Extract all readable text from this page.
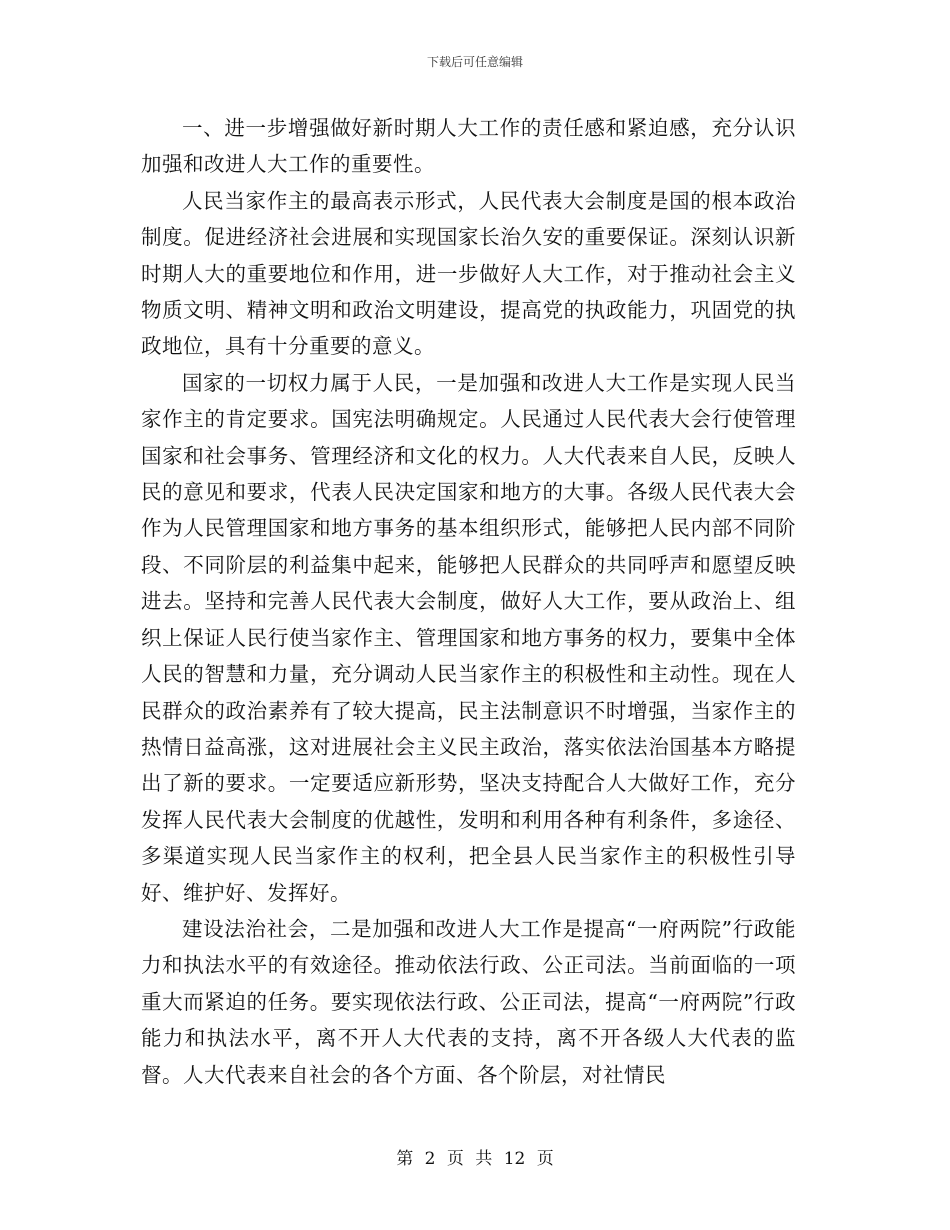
下载后可任意编辑

一、进一步增强做好新时期人大工作的责任感和紧迫感，充分认识加强和改进人大工作的重要性。

人民当家作主的最高表示形式，人民代表大会制度是国的根本政治制度。促进经济社会进展和实现国家长治久安的重要保证。深刻认识新时期人大的重要地位和作用，进一步做好人大工作，对于推动社会主义物质文明、精神文明和政治文明建设，提高党的执政能力，巩固党的执政地位，具有十分重要的意义。

国家的一切权力属于人民，一是加强和改进人大工作是实现人民当家作主的肯定要求。国宪法明确规定。人民通过人民代表大会行使管理国家和社会事务、管理经济和文化的权力。人大代表来自人民，反映人民的意见和要求，代表人民决定国家和地方的大事。各级人民代表大会作为人民管理国家和地方事务的基本组织形式，能够把人民内部不同阶段、不同阶层的利益集中起来，能够把人民群众的共同呼声和愿望反映进去。坚持和完善人民代表大会制度，做好人大工作，要从政治上、组织上保证人民行使当家作主、管理国家和地方事务的权力，要集中全体人民的智慧和力量，充分调动人民当家作主的积极性和主动性。现在人民群众的政治素养有了较大提高，民主法制意识不时增强，当家作主的热情日益高涨，这对进展社会主义民主政治，落实依法治国基本方略提出了新的要求。一定要适应新形势，坚决支持配合人大做好工作，充分发挥人民代表大会制度的优越性，发明和利用各种有利条件，多途径、多渠道实现人民当家作主的权利，把全县人民当家作主的积极性引导好、维护好、发挥好。

建设法治社会，二是加强和改进人大工作是提高“一府两院”行政能力和执法水平的有效途径。推动依法行政、公正司法。当前面临的一项重大而紧迫的任务。要实现依法行政、公正司法，提高“一府两院”行政能力和执法水平，离不开人大代表的支持，离不开各级人大代表的监督。人大代表来自社会的各个方面、各个阶层，对社情民

第 2 页 共 12 页
